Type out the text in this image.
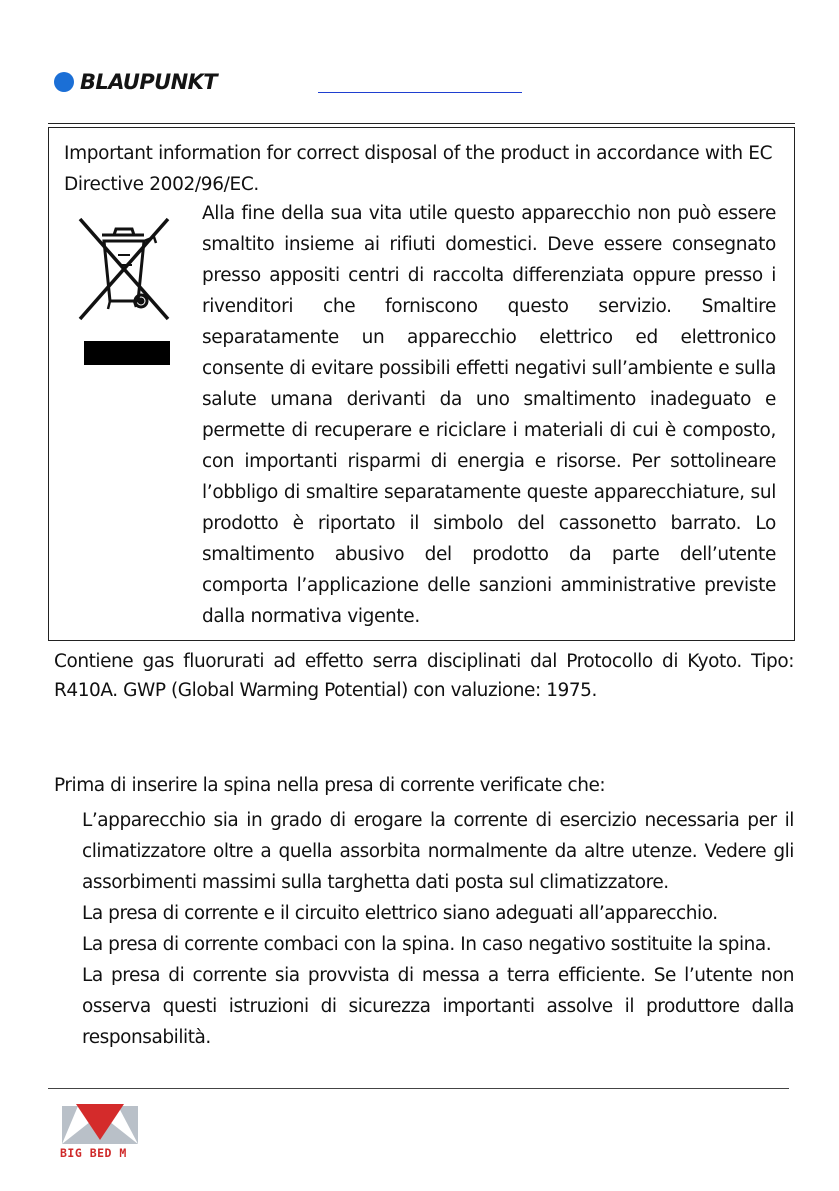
BLAUPUNKT
Important information for correct disposal of the product in accordance with EC Directive 2002/96/EC.
Alla fine della sua vita utile questo apparecchio non può essere smaltito insieme ai rifiuti domestici. Deve essere consegnato presso appositi centri di raccolta differenziata oppure presso i rivenditori che forniscono questo servizio. Smaltire separatamente un apparecchio elettrico ed elettronico consente di evitare possibili effetti negativi sull’ambiente e sulla salute umana derivanti da uno smaltimento inadeguato e permette di recuperare e riciclare i materiali di cui è composto, con importanti risparmi di energia e risorse. Per sottolineare l’obbligo di smaltire separatamente queste apparecchiature, sul prodotto è riportato il simbolo del cassonetto barrato. Lo smaltimento abusivo del prodotto da parte dell’utente comporta l’applicazione delle sanzioni amministrative previste dalla normativa vigente.
Contiene gas fluorurati ad effetto serra disciplinati dal Protocollo di Kyoto. Tipo: R410A. GWP (Global Warming Potential) con valuzione: 1975.
Prima di inserire la spina nella presa di corrente verificate che:
L’apparecchio sia in grado di erogare la corrente di esercizio necessaria per il climatizzatore oltre a quella assorbita normalmente da altre utenze. Vedere gli assorbimenti massimi sulla targhetta dati posta sul climatizzatore.
La presa di corrente e il circuito elettrico siano adeguati all’apparecchio.
La presa di corrente combaci con la spina. In caso negativo sostituite la spina.
La presa di corrente sia provvista di messa a terra efficiente. Se l’utente non osserva questi istruzioni di sicurezza importanti assolve il produttore dalla responsabilità.
BIG BED M
